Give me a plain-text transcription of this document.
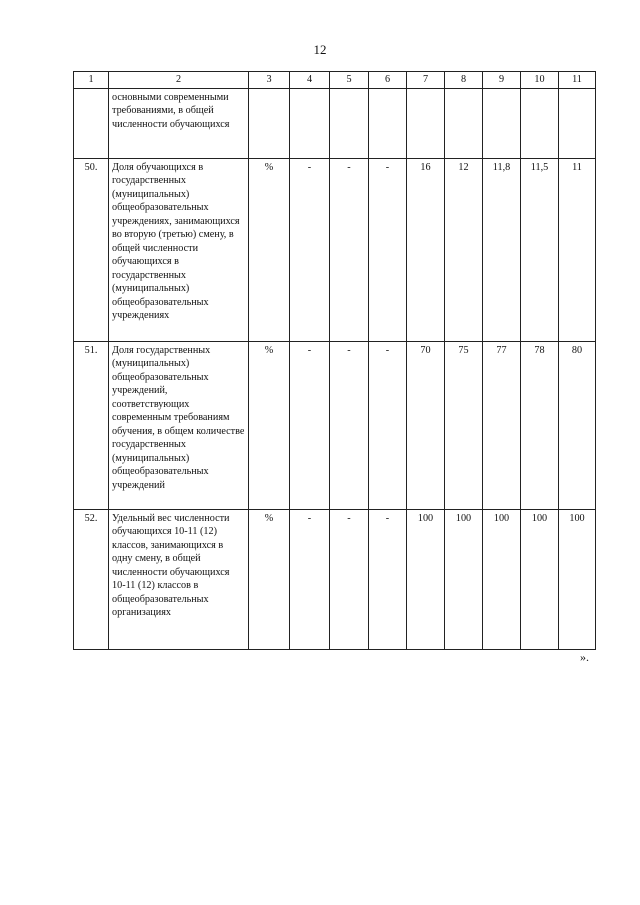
12
1	2	3	4	5	6	7	8	9	10	11
	основными современными требованиями, в общей численности обучающихся									
50.	Доля обучающихся в государственных (муниципальных) общеобразовательных учреждениях, занимающихся во вторую (третью) смену, в общей численности обучающихся в государственных (муниципальных) общеобразовательных учреждениях	%	-	-	-	16	12	11,8	11,5	11
51.	Доля государственных (муниципальных) общеобразовательных учреждений, соответствующих современным требованиям обучения, в общем количестве государственных (муниципальных) общеобразовательных учреждений	%	-	-	-	70	75	77	78	80
52.	Удельный вес численности обучающихся 10-11 (12) классов, занимающихся в одну смену, в общей численности обучающихся 10-11 (12) классов в общеобразовательных организациях	%	-	-	-	100	100	100	100	100
».
